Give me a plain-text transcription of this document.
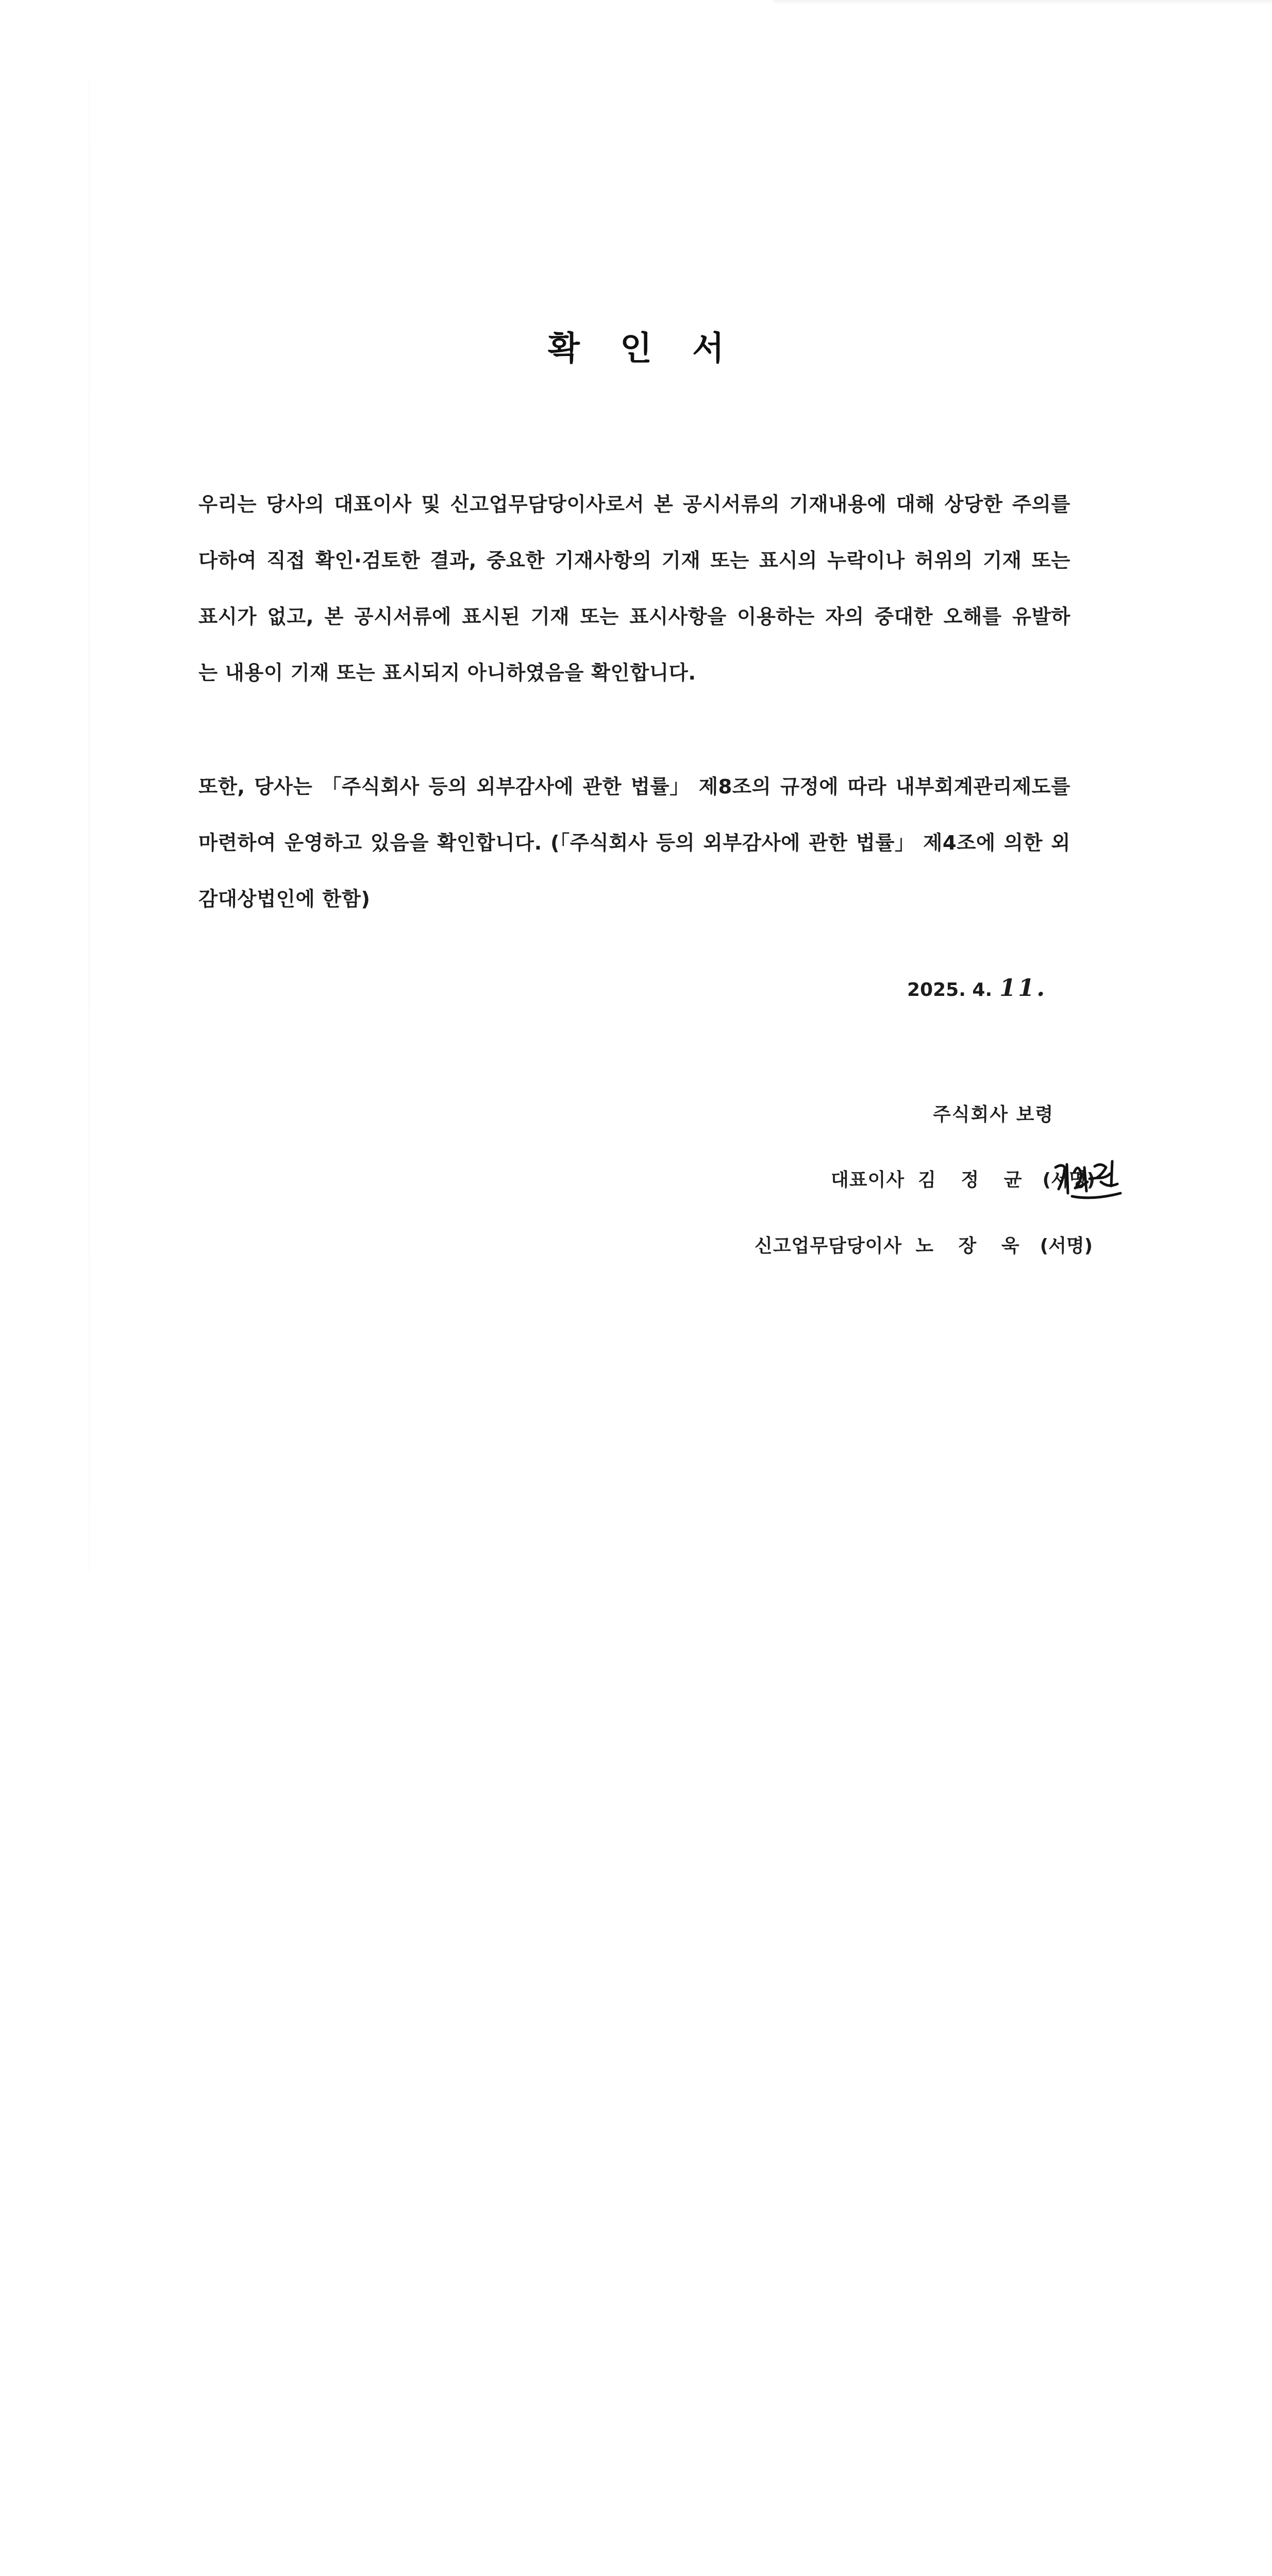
확 인 서
우리는 당사의 대표이사 및 신고업무담당이사로서 본 공시서류의 기재내용에 대해 상당한 주의를
다하여 직접 확인·검토한 결과, 중요한 기재사항의 기재 또는 표시의 누락이나 허위의 기재 또는
표시가 없고, 본 공시서류에 표시된 기재 또는 표시사항을 이용하는 자의 중대한 오해를 유발하
는 내용이 기재 또는 표시되지 아니하였음을 확인합니다.
또한, 당사는 「주식회사 등의 외부감사에 관한 법률」 제8조의 규정에 따라 내부회계관리제도를
마련하여 운영하고 있음을 확인합니다. (「주식회사 등의 외부감사에 관한 법률」 제4조에 의한 외
감대상법인에 한함)
2025. 4. 11.
주식회사 보령
대표이사 김 정 균 (서명)
신고업무담당이사 노 장 욱 (서명)
